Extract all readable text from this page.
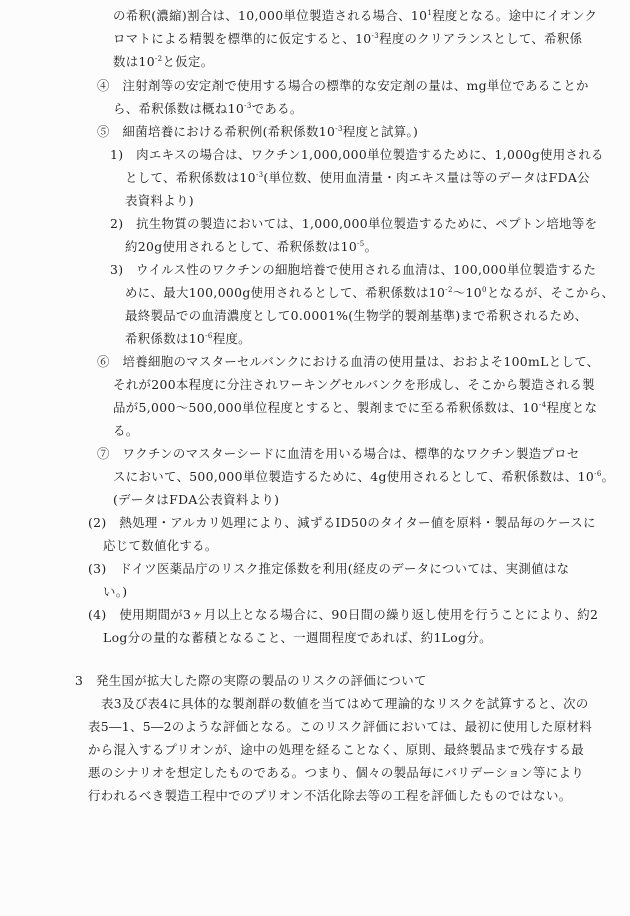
の希釈(濃縮)割合は、10,000単位製造される場合、$10^1$程度となる。途中にイオンク
ロマトによる精製を標準的に仮定すると、$10^{-3}$程度のクリアランスとして、希釈係
数は$10^{-2}$と仮定。
④　注射剤等の安定剤で使用する場合の標準的な安定剤の量は、mg単位であることか
ら、希釈係数は概ね$10^{-3}$である。
⑤　細菌培養における希釈例(希釈係数$10^{-3}$程度と試算。)
1)　肉エキスの場合は、ワクチン1,000,000単位製造するために、1,000g使用される
として、希釈係数は$10^{-3}$(単位数、使用血清量・肉エキス量は等のデータはFDA公
表資料より)
2)　抗生物質の製造においては、1,000,000単位製造するために、ペプトン培地等を
約20g使用されるとして、希釈係数は$10^{-5}$。
3)　ウイルス性のワクチンの細胞培養で使用される血清は、100,000単位製造するた
めに、最大100,000g使用されるとして、希釈係数は$10^{-2}\sim 10^0$となるが、そこから、
最終製品での血清濃度として0.0001%(生物学的製剤基準)まで希釈されるため、
希釈係数は$10^{-6}$程度。
⑥　培養細胞のマスターセルバンクにおける血清の使用量は、おおよそ100mLとして、
それが200本程度に分注されワーキングセルバンクを形成し、そこから製造される製
品が5,000～500,000単位程度とすると、製剤までに至る希釈係数は、$10^{-4}$程度とな
る。
⑦　ワクチンのマスターシードに血清を用いる場合は、標準的なワクチン製造プロセ
スにおいて、500,000単位製造するために、4g使用されるとして、希釈係数は、$10^{-6}$。
(データはFDA公表資料より)
(2)　熱処理・アルカリ処理により、減ずるID50のタイター値を原料・製品毎のケースに
応じて数値化する。
(3)　ドイツ医薬品庁のリスク推定係数を利用(経皮のデータについては、実測値はな
い。)
(4)　使用期間が3ヶ月以上となる場合に、90日間の繰り返し使用を行うことにより、約2
Log分の量的な蓄積となること、一週間程度であれば、約1Log分。
3　発生国が拡大した際の実際の製品のリスクの評価について
表3及び表4に具体的な製剤群の数値を当てはめて理論的なリスクを試算すると、次の
表5―1、5―2のような評価となる。このリスク評価においては、最初に使用した原材料
から混入するプリオンが、途中の処理を経ることなく、原則、最終製品まで残存する最
悪のシナリオを想定したものである。つまり、個々の製品毎にバリデーション等により
行われるべき製造工程中でのプリオン不活化除去等の工程を評価したものではない。
